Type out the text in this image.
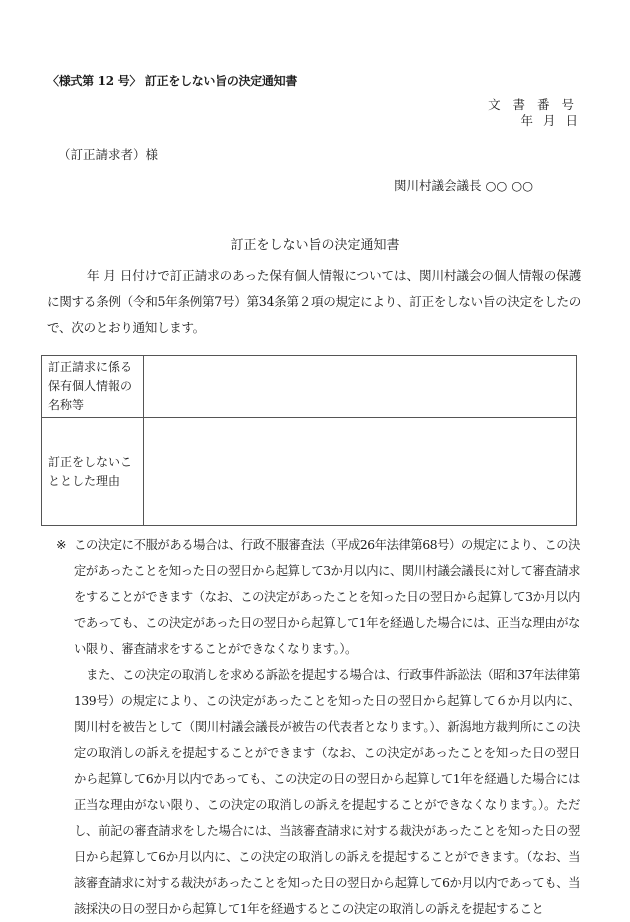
〈様式第 12 号〉 訂正をしない旨の決定通知書
文 書 番 号
年 月 日
（訂正請求者）様
関川村議会議長 ○○ ○○
訂正をしない旨の決定通知書
年 月 日付けで訂正請求のあった保有個人情報については、関川村議会の個人情報の保護に関する条例（令和5年条例第7号）第34条第２項の規定により、訂正をしない旨の決定をしたので、次のとおり通知します。
訂正請求に係る保有個人情報の名称等	
訂正をしないこととした理由	
※ この決定に不服がある場合は、行政不服審査法（平成26年法律第68号）の規定により、この決定があったことを知った日の翌日から起算して3か月以内に、関川村議会議長に対して審査請求をすることができます（なお、この決定があったことを知った日の翌日から起算して3か月以内であっても、この決定があった日の翌日から起算して1年を経過した場合には、正当な理由がない限り、審査請求をすることができなくなります。）。
また、この決定の取消しを求める訴訟を提起する場合は、行政事件訴訟法（昭和37年法律第139号）の規定により、この決定があったことを知った日の翌日から起算して６か月以内に、関川村を被告として（関川村議会議長が被告の代表者となります。）、新潟地方裁判所にこの決定の取消しの訴えを提起することができます（なお、この決定があったことを知った日の翌日から起算して6か月以内であっても、この決定の日の翌日から起算して1年を経過した場合には正当な理由がない限り、この決定の取消しの訴えを提起することができなくなります。）。ただし、前記の審査請求をした場合には、当該審査請求に対する裁決があったことを知った日の翌日から起算して6か月以内に、この決定の取消しの訴えを提起することができます。（なお、当該審査請求に対する裁決があったことを知った日の翌日から起算して6か月以内であっても、当該採決の日の翌日から起算して1年を経過するとこの決定の取消しの訴えを提起すること
